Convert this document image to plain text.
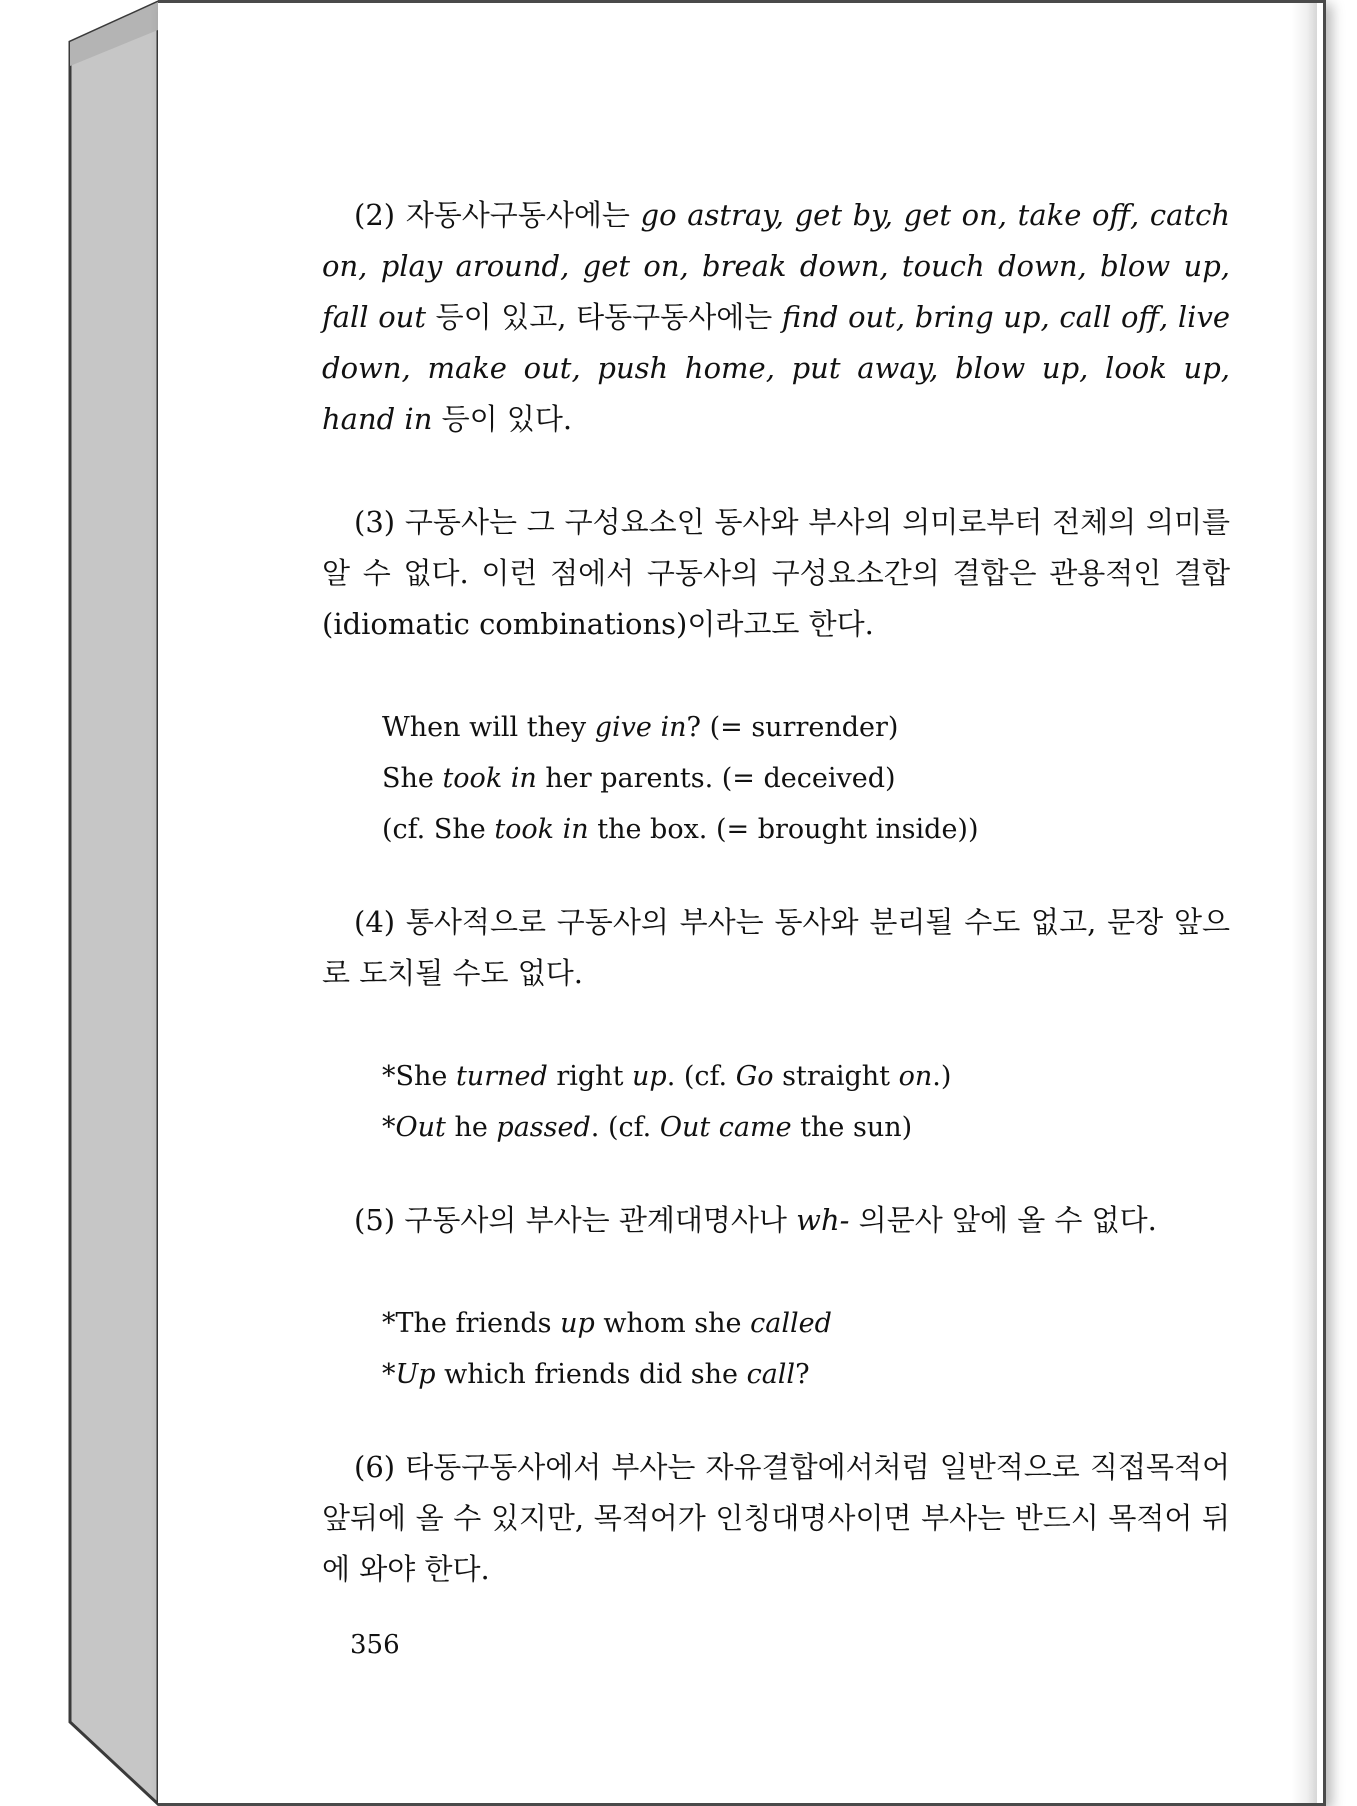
(2) 자동사구동사에는 go astray, get by, get on, take off, catch on, play around, get on, break down, touch down, blow up, fall out 등이 있고, 타동구동사에는 find out, bring up, call off, live down, make out, push home, put away, blow up, look up, hand in 등이 있다.

(3) 구동사는 그 구성요소인 동사와 부사의 의미로부터 전체의 의미를 알 수 없다. 이런 점에서 구동사의 구성요소간의 결합은 관용적인 결합(idiomatic combinations)이라고도 한다.

When will they give in? (= surrender)
She took in her parents. (= deceived)
(cf. She took in the box. (= brought inside))

(4) 통사적으로 구동사의 부사는 동사와 분리될 수도 없고, 문장 앞으로 도치될 수도 없다.

*She turned right up. (cf. Go straight on.)
*Out he passed. (cf. Out came the sun)

(5) 구동사의 부사는 관계대명사나 wh- 의문사 앞에 올 수 없다.

*The friends up whom she called
*Up which friends did she call?

(6) 타동구동사에서 부사는 자유결합에서처럼 일반적으로 직접목적어 앞뒤에 올 수 있지만, 목적어가 인칭대명사이면 부사는 반드시 목적어 뒤에 와야 한다.

356
